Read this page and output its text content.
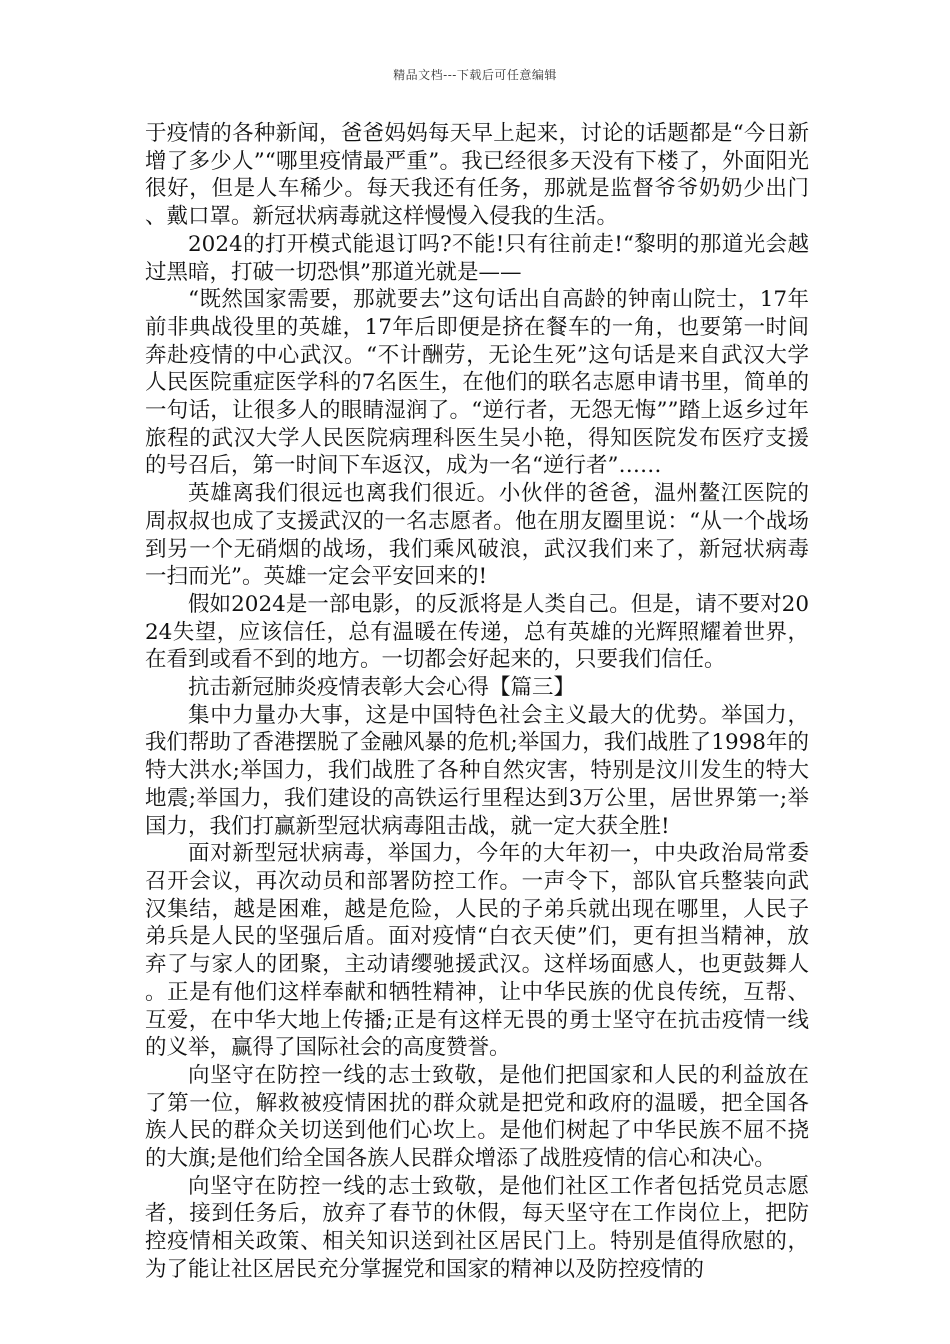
精品文档---下载后可任意编辑

于疫情的各种新闻，爸爸妈妈每天早上起来，讨论的话题都是“今日新增了多少人”“哪里疫情最严重”。我已经很多天没有下楼了，外面阳光很好，但是人车稀少。每天我还有任务，那就是监督爷爷奶奶少出门、戴口罩。新冠状病毒就这样慢慢入侵我的生活。

2024的打开模式能退订吗?不能!只有往前走!“黎明的那道光会越过黑暗，打破一切恐惧”那道光就是——

“既然国家需要，那就要去”这句话出自高龄的钟南山院士，17年前非典战役里的英雄，17年后即便是挤在餐车的一角，也要第一时间奔赴疫情的中心武汉。“不计酬劳，无论生死”这句话是来自武汉大学人民医院重症医学科的7名医生，在他们的联名志愿申请书里，简单的一句话，让很多人的眼睛湿润了。“逆行者，无怨无悔””踏上返乡过年旅程的武汉大学人民医院病理科医生吴小艳，得知医院发布医疗支援的号召后，第一时间下车返汉，成为一名“逆行者”……

英雄离我们很远也离我们很近。小伙伴的爸爸，温州鳌江医院的周叔叔也成了支援武汉的一名志愿者。他在朋友圈里说：“从一个战场到另一个无硝烟的战场，我们乘风破浪，武汉我们来了，新冠状病毒一扫而光”。英雄一定会平安回来的!

假如2024是一部电影，的反派将是人类自己。但是，请不要对2024失望，应该信任，总有温暖在传递，总有英雄的光辉照耀着世界，在看到或看不到的地方。一切都会好起来的，只要我们信任。

抗击新冠肺炎疫情表彰大会心得【篇三】

集中力量办大事，这是中国特色社会主义最大的优势。举国力，我们帮助了香港摆脱了金融风暴的危机;举国力，我们战胜了1998年的特大洪水;举国力，我们战胜了各种自然灾害，特别是汶川发生的特大地震;举国力，我们建设的高铁运行里程达到3万公里，居世界第一;举国力，我们打赢新型冠状病毒阻击战，就一定大获全胜!

面对新型冠状病毒，举国力，今年的大年初一，中央政治局常委召开会议，再次动员和部署防控工作。一声令下，部队官兵整装向武汉集结，越是困难，越是危险，人民的子弟兵就出现在哪里，人民子弟兵是人民的坚强后盾。面对疫情“白衣天使”们，更有担当精神，放弃了与家人的团聚，主动请缨驰援武汉。这样场面感人，也更鼓舞人。正是有他们这样奉献和牺牲精神，让中华民族的优良传统，互帮、互爱，在中华大地上传播;正是有这样无畏的勇士坚守在抗击疫情一线的义举，赢得了国际社会的高度赞誉。

向坚守在防控一线的志士致敬，是他们把国家和人民的利益放在了第一位，解救被疫情困扰的群众就是把党和政府的温暖，把全国各族人民的群众关切送到他们心坎上。是他们树起了中华民族不屈不挠的大旗;是他们给全国各族人民群众增添了战胜疫情的信心和决心。

向坚守在防控一线的志士致敬，是他们社区工作者包括党员志愿者，接到任务后，放弃了春节的休假，每天坚守在工作岗位上，把防控疫情相关政策、相关知识送到社区居民门上。特别是值得欣慰的，为了能让社区居民充分掌握党和国家的精神以及防控疫情的
